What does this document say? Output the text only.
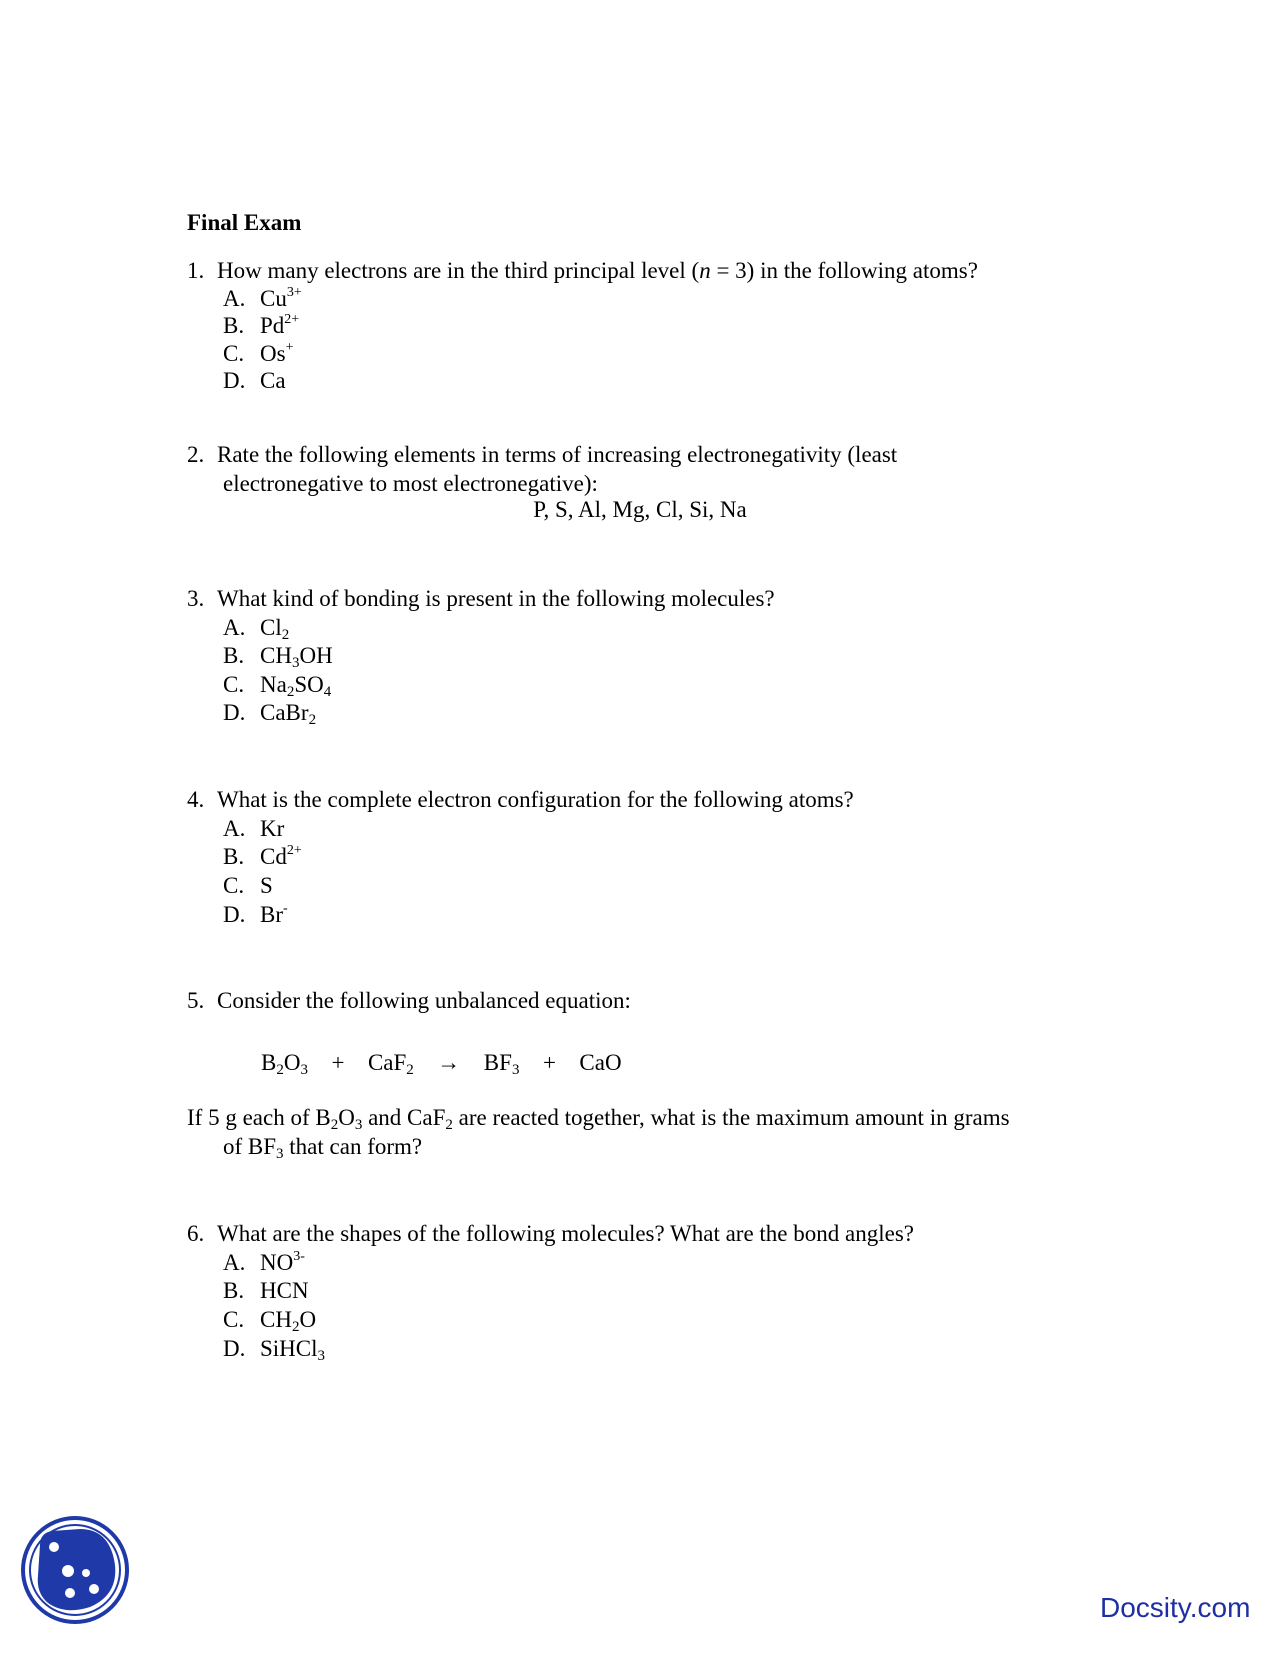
Final Exam
1. How many electrons are in the third principal level (n = 3) in the following atoms?
A. $Cu^{3+}$
B. $Pd^{2+}$
C. Os+
D. Ca
2. Rate the following elements in terms of increasing electronegativity (least
electronegative to most electronegative):
P, S, Al, Mg, Cl, Si, Na
3. What kind of bonding is present in the following molecules?
A. $Cl_2$
B. $CH_3OH$
C. $Na_2SO_4$
D. CaBr$_2$
4. What is the complete electron configuration for the following atoms?
A. Kr
B. $Cd^{2+}$
C. S
D. Br-
5. Consider the following unbalanced equation:
$B_2O_3 + CaF_2 \to BF_3$ + CaO
If 5 g each of $B_2O_3$ and CaF$_2$ are reacted together, what is the maximum amount in grams
of $BF_3$ that can form?
6. What are the shapes of the following molecules? What are the bond angles?
A. $NO^{3-}$
B. HCN
C. $CH_2O$
D. SiHCl$_3$
Docsity.com
